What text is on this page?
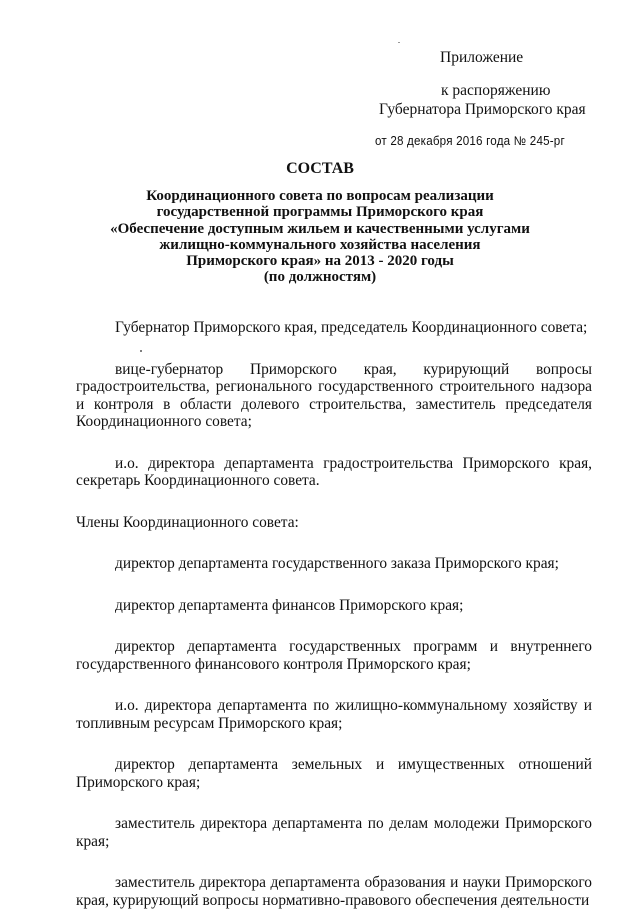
Приложение
к распоряжению
Губернатора Приморского края
от 28 декабря 2016 года № 245-рг
СОСТАВ
Координационного совета по вопросам реализации
государственной программы Приморского края
«Обеспечение доступным жильем и качественными услугами
жилищно-коммунального хозяйства населения
Приморского края» на 2013 - 2020 годы
(по должностям)

Губернатор Приморского края, председатель Координационного совета;

вице-губернатор Приморского края, курирующий вопросы градостроительства, регионального государственного строительного надзора и контроля в области долевого строительства, заместитель председателя Координационного совета;

и.о. директора департамента градостроительства Приморского края, секретарь Координационного совета.

Члены Координационного совета:

директор департамента государственного заказа Приморского края;

директор департамента финансов Приморского края;

директор департамента государственных программ и внутреннего государственного финансового контроля Приморского края;

и.о. директора департамента по жилищно-коммунальному хозяйству и топливным ресурсам Приморского края;

директор департамента земельных и имущественных отношений Приморского края;

заместитель директора департамента по делам молодежи Приморского края;

заместитель директора департамента образования и науки Приморского края, курирующий вопросы нормативно-правового обеспечения деятельности
